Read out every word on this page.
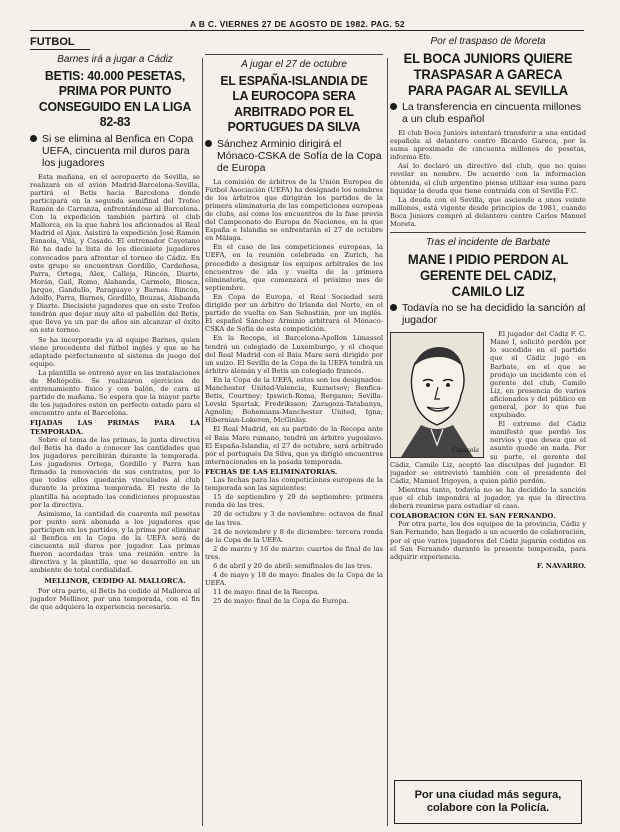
A B C. VIERNES 27 DE AGOSTO DE 1982. PAG. 52
FUTBOL

Barnes irá a jugar a Cádiz

BETIS: 40.000 PESETAS, PRIMA POR PUNTO CONSEGUIDO EN LA LIGA 82-83
Si se elimina al Benfica en Copa UEFA, cincuenta mil duros para los jugadores

Esta mañana, en el aeropuerto de Sevilla, se realizará en el avión Madrid-Barcelona-Sevilla, partirá el Betis hacia Barcelona donde participará en la segunda semifinal del Trofeo Ramón de Carranza, enfrentándose al Barcelona. Con la expedición también partirá el club Mallorca, en la que habrá los aficionados al Real Madrid el Ajax. Asistirá la expedición José Ramón Esnaola, Vilá, y Casado. El entrenador Cayetano Ré ha dado la lista de los diecisiete jugadores convocados para afrontar el torneo de Cádiz. En este grupo se encuentran Gordillo, Cardeñosa, Parra, Ortega, Alex, Calleja, Rincón, Diarte, Morán, Gail, Romo, Alabanda, Carmelo, Biosca, Jarque, Gandullo, Paraguayo y Barnes. Rincón, Adolfo, Parra, Barnes, Gordillo, Bouzas, Alabanda y Diarte. Diecisiete jugadores que en este Trofeo tendrán que dejar muy alto el pabellón del Betis, que lleva ya un par de años sin alcanzar el éxito en este torneo.

Se ha incorporado ya al equipo Barnes, quien viene procedente del fútbol inglés y que se ha adaptado perfectamente al sistema de juego del equipo.

La plantilla se entrenó ayer en las instalaciones de Heliópolis. Se realizaron ejercicios de entrenamiento físico y con balón, de cara al partido de mañana. Se espera que la mayor parte de los jugadores estén en perfecto estado para el encuentro ante el Barcelona.

FIJADAS LAS PRIMAS PARA LA TEMPORADA.

Sobre el tema de las primas, la junta directiva del Betis ha dado a conocer las cantidades que los jugadores percibirán durante la temporada. Los jugadores Ortega, Gordillo y Parra han firmado la renovación de sus contratos, por lo que todos ellos quedarán vinculados al club durante la próxima temporada. El resto de la plantilla ha aceptado las condiciones propuestas por la directiva.

Asimismo, la cantidad de cuarenta mil pesetas por punto será abonada a los jugadores que participen en los partidos, y la prima por eliminar al Benfica en la Copa de la UEFA será de cincuenta mil duros por jugador. Las primas fueron acordadas tras una reunión entre la directiva y la plantilla, que se desarrolló en un ambiente de total cordialidad.

MELLINOR, CEDIDO AL MALLORCA.

Por otra parte, el Betis ha cedido al Mallorca al jugador Mellinor, por una temporada, con el fin de que adquiera la experiencia necesaria.

A jugar el 27 de octubre

EL ESPAÑA-ISLANDIA DE LA EUROCOPA SERA ARBITRADO POR EL PORTUGUES DA SILVA
Sánchez Arminio dirigirá el Mónaco-CSKA de Sofía de la Copa de Europa

La comisión de árbitros de la Unión Europea de Fútbol Asociación (UEFA) ha designado los nombres de los árbitros que dirigirán los partidos de la primera eliminatoria de las competiciones europeas de clubs, así como los encuentros de la fase previa del Campeonato de Europa de Naciones, en la que España e Islandia se enfrentarán el 27 de octubre en Málaga.

En el caso de las competiciones europeas, la UEFA, en la reunión celebrada en Zurich, ha procedido a designar los equipos arbitrales de los encuentros de ida y vuelta de la primera eliminatoria, que comenzará el próximo mes de septiembre.

En Copa de Europa, el Real Sociedad será dirigido por un árbitro de Irlanda del Norte, en el partido de vuelta en San Sebastián, por un inglés. El español Sánchez Arminio arbitrará el Mónaco-CSKA de Sofía de esta competición.

En la Recopa, el Barcelona-Apollon Limassol tendrá un colegiado de Luxemburgo, y el choque del Real Madrid con el Baia Mare será dirigido por un suizo. El Sevilla de la Copa de la UEFA tendrá un árbitro alemán y el Betis un colegiado francés.

En la Copa de la UEFA, estos son los designados: Manchester United-Valencia, Kuznetsov; Benfica-Betis, Courtney; Ipswich-Roma, Bergamo; Sevilla-Levski Spartak, Fredriksson; Zaragoza-Tatabanya, Agnolin; Bohemians-Manchester United, Igna; Hibernian-Lokeren, McGinlay.

El Real Madrid, en su partido de la Recopa ante el Baia Mare rumano, tendrá un árbitro yugoslavo. El España-Islandia, el 27 de octubre, será arbitrado por el portugués Da Silva, que ya dirigió encuentros internacionales en la pasada temporada.

FECHAS DE LAS ELIMINATORIAS.

Las fechas para las competiciones europeas de la temporada son las siguientes:

15 de septiembre y 29 de septiembre: primera ronda de las tres.

20 de octubre y 3 de noviembre: octavos de final de las tres.

24 de noviembre y 8 de diciembre: tercera ronda de la Copa de la UEFA.

2 de marzo y 16 de marzo: cuartos de final de las tres.

6 de abril y 20 de abril: semifinales de las tres.

4 de mayo y 18 de mayo: finales de la Copa de la UEFA.

11 de mayo: final de la Recopa.

25 de mayo: final de la Copa de Europa.

Por el traspaso de Moreta

EL BOCA JUNIORS QUIERE TRASPASAR A GARECA PARA PAGAR AL SEVILLA
La transferencia en cincuenta millones a un club español

El club Boca Juniors intentará transferir a una entidad española al delantero centro Ricardo Gareca, por la suma aproximada de cincuenta millones de pesetas, informa Efe.

Así lo declaró un directivo del club, que no quiso revelar su nombre. De acuerdo con la información obtenida, el club argentino piensa utilizar esa suma para liquidar la deuda que tiene contraída con el Sevilla F.C.

La deuda con el Sevilla, que asciende a unos veinte millones, está vigente desde principios de 1981, cuando Boca Juniors compró al delantero centro Carlos Manuel Moreta.

Tras el incidente de Barbate

MANE I PIDIO PERDON AL GERENTE DEL CADIZ, CAMILO LIZ
Todavía no se ha decidido la sanción al jugador
Casasola

El jugador del Cádiz F. C. Mané I, solicitó perdón por lo sucedido en el partido que el Cádiz jugó en Barbate, en el que se produjo un incidente con el gerente del club, Camilo Liz, en presencia de varios aficionados y del público en general, por lo que fue expulsado.

El extremo del Cádiz manifestó que perdió los nervios y que desea que el asunto quede en nada. Por su parte, el gerente del Cádiz, Camilo Liz, aceptó las disculpas del jugador. El jugador se entrevistó también con el presidente del Cádiz, Manuel Irigoyen, a quien pidió perdón.

Mientras tanto, todavía no se ha decidido la sanción que el club impondrá al jugador, ya que la directiva deberá reunirse para estudiar el caso.

COLABORACION CON EL SAN FERNANDO.

Por otra parte, los dos equipos de la provincia, Cádiz y San Fernando, han llegado a un acuerdo de colaboración, por el que varios jugadores del Cádiz jugarán cedidos en el San Fernando durante la presente temporada, para adquirir experiencia.

F. NAVARRO.

Por una ciudad más segura, colabore con la Policía.
